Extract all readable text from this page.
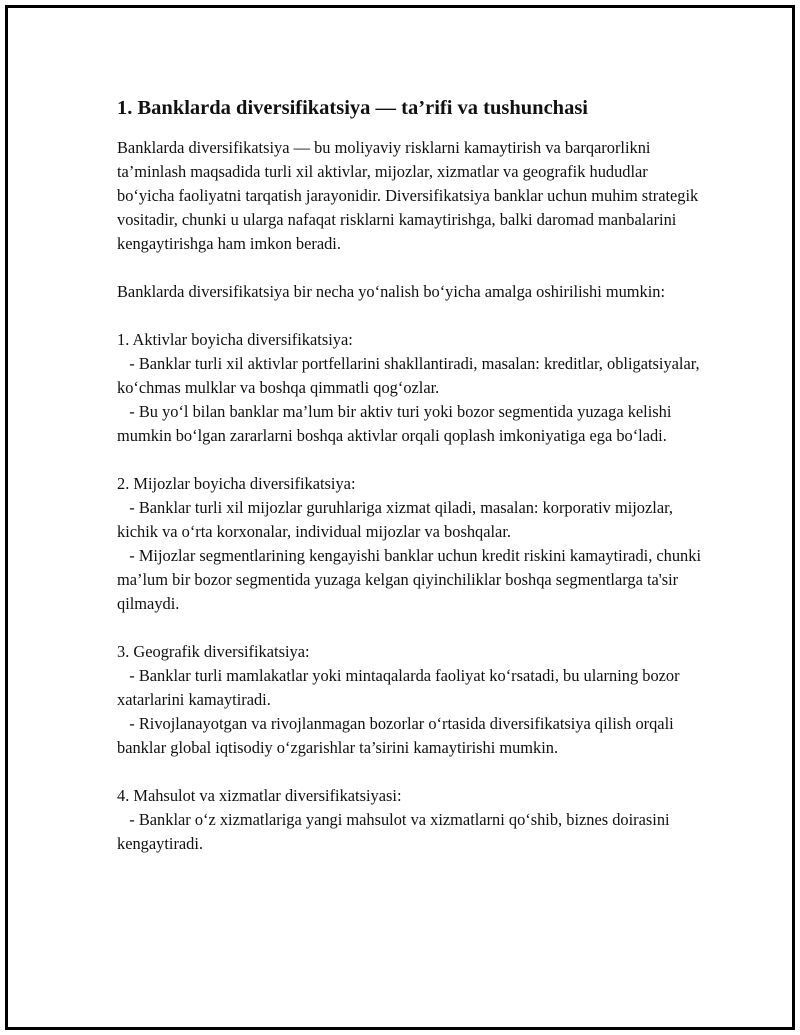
1. Banklarda diversifikatsiya — ta’rifi va tushunchasi

Banklarda diversifikatsiya — bu moliyaviy risklarni kamaytirish va barqarorlikni ta’minlash maqsadida turli xil aktivlar, mijozlar, xizmatlar va geografik hududlar bo‘yicha faoliyatni tarqatish jarayonidir. Diversifikatsiya banklar uchun muhim strategik vositadir, chunki u ularga nafaqat risklarni kamaytirishga, balki daromad manbalarini kengaytirishga ham imkon beradi.

Banklarda diversifikatsiya bir necha yo‘nalish bo‘yicha amalga oshirilishi mumkin:

1. Aktivlar boyicha diversifikatsiya:

- Banklar turli xil aktivlar portfellarini shakllantiradi, masalan: kreditlar, obligatsiyalar, ko‘chmas mulklar va boshqa qimmatli qog‘ozlar.

- Bu yo‘l bilan banklar ma’lum bir aktiv turi yoki bozor segmentida yuzaga kelishi mumkin bo‘lgan zararlarni boshqa aktivlar orqali qoplash imkoniyatiga ega bo‘ladi.

2. Mijozlar boyicha diversifikatsiya:

- Banklar turli xil mijozlar guruhlariga xizmat qiladi, masalan: korporativ mijozlar, kichik va o‘rta korxonalar, individual mijozlar va boshqalar.

- Mijozlar segmentlarining kengayishi banklar uchun kredit riskini kamaytiradi, chunki ma’lum bir bozor segmentida yuzaga kelgan qiyinchiliklar boshqa segmentlarga ta'sir qilmaydi.

3. Geografik diversifikatsiya:

- Banklar turli mamlakatlar yoki mintaqalarda faoliyat ko‘rsatadi, bu ularning bozor xatarlarini kamaytiradi.

- Rivojlanayotgan va rivojlanmagan bozorlar o‘rtasida diversifikatsiya qilish orqali banklar global iqtisodiy o‘zgarishlar ta’sirini kamaytirishi mumkin.

4. Mahsulot va xizmatlar diversifikatsiyasi:

- Banklar o‘z xizmatlariga yangi mahsulot va xizmatlarni qo‘shib, biznes doirasini kengaytiradi.
